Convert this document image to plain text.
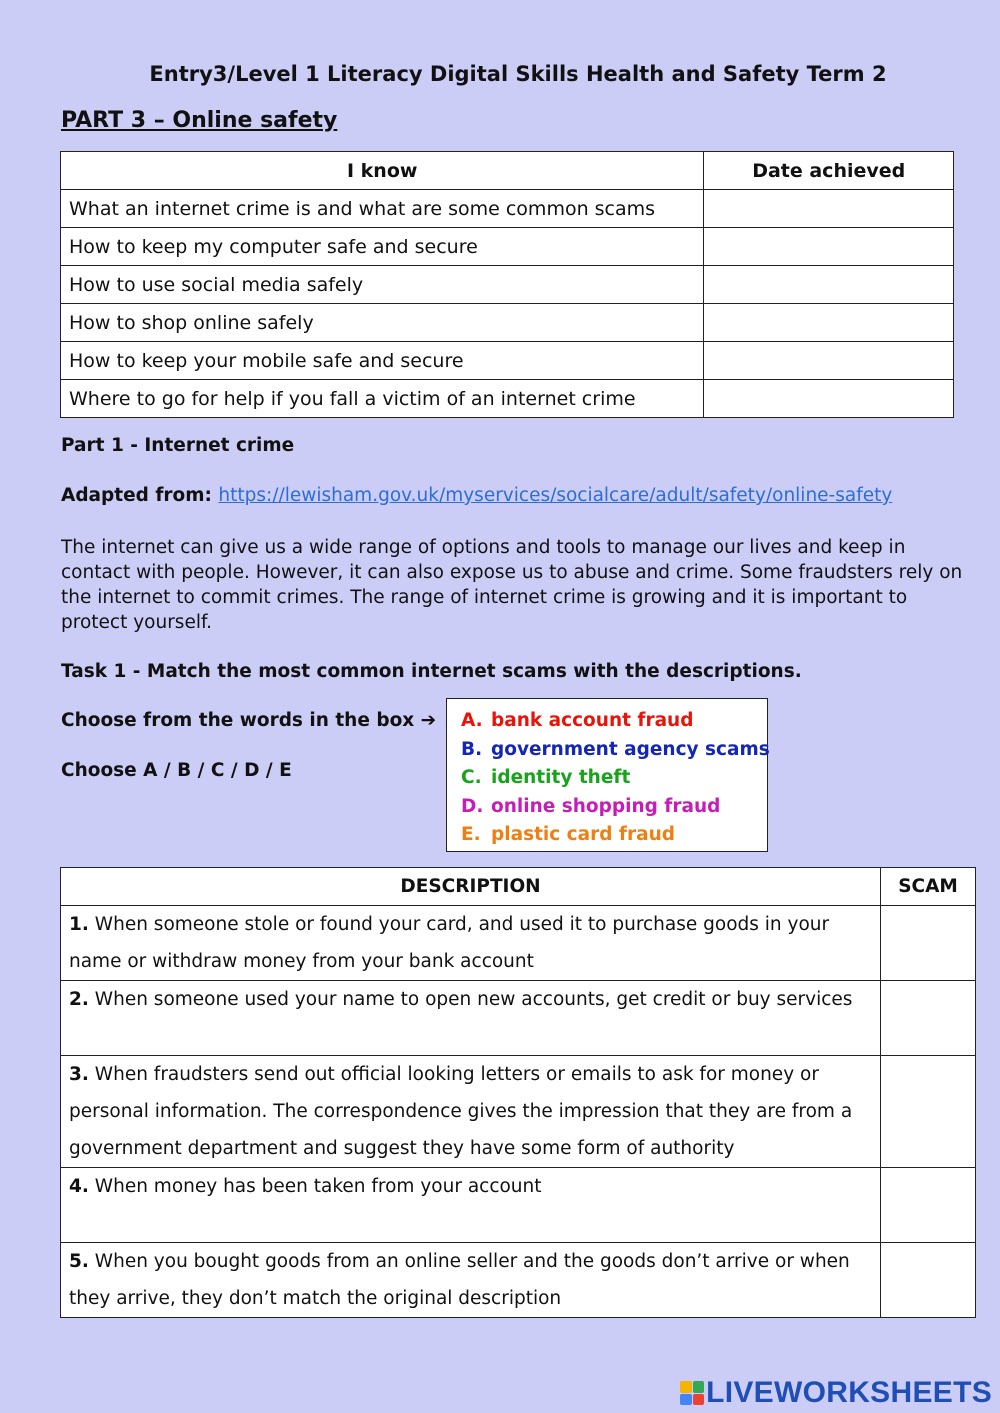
Entry3/Level 1 Literacy Digital Skills Health and Safety Term 2
PART 3 – Online safety
I know	Date achieved
What an internet crime is and what are some common scams	
How to keep my computer safe and secure	
How to use social media safely	
How to shop online safely	
How to keep your mobile safe and secure	
Where to go for help if you fall a victim of an internet crime	
Part 1 - Internet crime
Adapted from: https://lewisham.gov.uk/myservices/socialcare/adult/safety/online-safety
The internet can give us a wide range of options and tools to manage our lives and keep in contact with people. However, it can also expose us to abuse and crime. Some fraudsters rely on the internet to commit crimes. The range of internet crime is growing and it is important to protect yourself.
Task 1 - Match the most common internet scams with the descriptions.
Choose from the words in the box ➔
Choose A / B / C / D / E
A. bank account fraud
B. government agency scams
C. identity theft
D. online shopping fraud
E. plastic card fraud
DESCRIPTION	SCAM
1. When someone stole or found your card, and used it to purchase goods in your name or withdraw money from your bank account	
2. When someone used your name to open new accounts, get credit or buy services	
3. When fraudsters send out official looking letters or emails to ask for money or personal information. The correspondence gives the impression that they are from a government department and suggest they have some form of authority	
4. When money has been taken from your account	
5. When you bought goods from an online seller and the goods don’t arrive or when they arrive, they don’t match the original description	
LIVEWORKSHEETS
